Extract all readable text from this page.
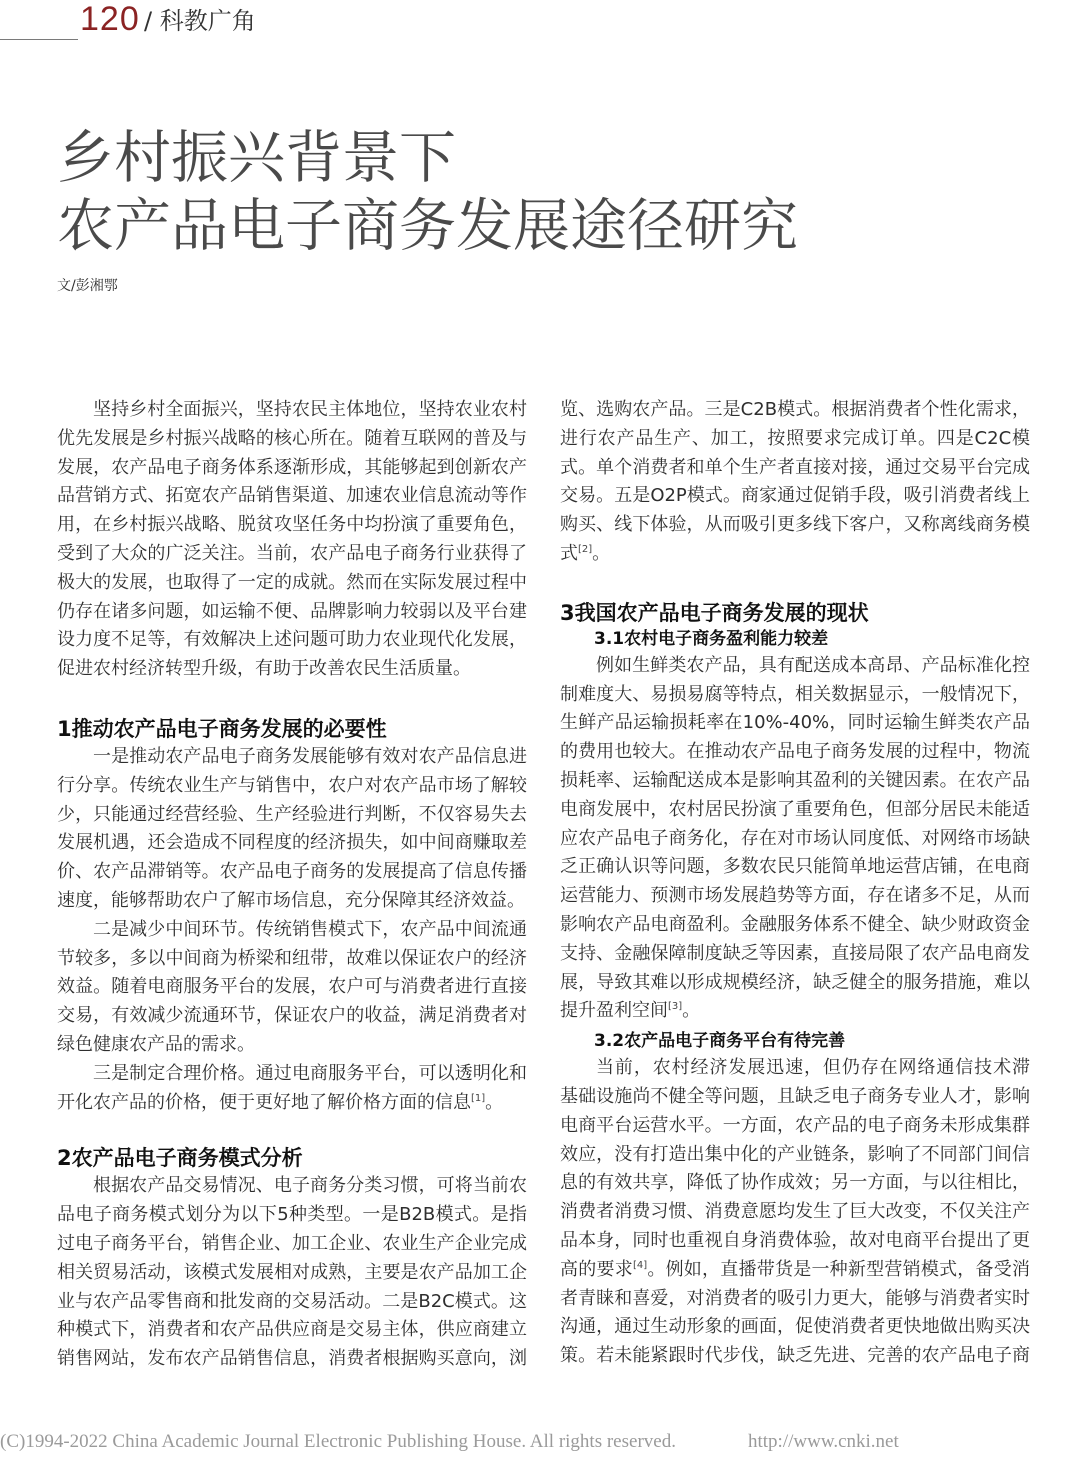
120 / 科教广角
乡村振兴背景下
农产品电子商务发展途径研究
文/彭湘鄂
坚持乡村全面振兴，坚持农民主体地位，坚持农业农村
优先发展是乡村振兴战略的核心所在。随着互联网的普及与
发展，农产品电子商务体系逐渐形成，其能够起到创新农产
品营销方式、拓宽农产品销售渠道、加速农业信息流动等作
用，在乡村振兴战略、脱贫攻坚任务中均扮演了重要角色，
受到了大众的广泛关注。当前，农产品电子商务行业获得了
极大的发展，也取得了一定的成就。然而在实际发展过程中
仍存在诸多问题，如运输不便、品牌影响力较弱以及平台建
设力度不足等，有效解决上述问题可助力农业现代化发展，
促进农村经济转型升级，有助于改善农民生活质量。
1推动农产品电子商务发展的必要性
一是推动农产品电子商务发展能够有效对农产品信息进
行分享。传统农业生产与销售中，农户对农产品市场了解较
少，只能通过经营经验、生产经验进行判断，不仅容易失去
发展机遇，还会造成不同程度的经济损失，如中间商赚取差
价、农产品滞销等。农产品电子商务的发展提高了信息传播
速度，能够帮助农户了解市场信息，充分保障其经济效益。
二是减少中间环节。传统销售模式下，农产品中间流通
节较多，多以中间商为桥梁和纽带，故难以保证农户的经济
效益。随着电商服务平台的发展，农户可与消费者进行直接
交易，有效减少流通环节，保证农户的收益，满足消费者对
绿色健康农产品的需求。
三是制定合理价格。通过电商服务平台，可以透明化和
开化农产品的价格，便于更好地了解价格方面的信息[1]。
2农产品电子商务模式分析
根据农产品交易情况、电子商务分类习惯，可将当前农
品电子商务模式划分为以下5种类型。一是B2B模式。是指
过电子商务平台，销售企业、加工企业、农业生产企业完成
相关贸易活动，该模式发展相对成熟，主要是农产品加工企
业与农产品零售商和批发商的交易活动。二是B2C模式。这
种模式下，消费者和农产品供应商是交易主体，供应商建立
销售网站，发布农产品销售信息，消费者根据购买意向，浏
览、选购农产品。三是C2B模式。根据消费者个性化需求，
进行农产品生产、加工，按照要求完成订单。四是C2C模
式。单个消费者和单个生产者直接对接，通过交易平台完成
交易。五是O2P模式。商家通过促销手段，吸引消费者线上
购买、线下体验，从而吸引更多线下客户，又称离线商务模
式[2]。
3我国农产品电子商务发展的现状
3.1农村电子商务盈利能力较差
例如生鲜类农产品，具有配送成本高昂、产品标准化控
制难度大、易损易腐等特点，相关数据显示，一般情况下，
生鲜产品运输损耗率在10%-40%，同时运输生鲜类农产品
的费用也较大。在推动农产品电子商务发展的过程中，物流
损耗率、运输配送成本是影响其盈利的关键因素。在农产品
电商发展中，农村居民扮演了重要角色，但部分居民未能适
应农产品电子商务化，存在对市场认同度低、对网络市场缺
乏正确认识等问题，多数农民只能简单地运营店铺，在电商
运营能力、预测市场发展趋势等方面，存在诸多不足，从而
影响农产品电商盈利。金融服务体系不健全、缺少财政资金
支持、金融保障制度缺乏等因素，直接局限了农产品电商发
展，导致其难以形成规模经济，缺乏健全的服务措施，难以
提升盈利空间[3]。
3.2农产品电子商务平台有待完善
当前，农村经济发展迅速，但仍存在网络通信技术滞
基础设施尚不健全等问题，且缺乏电子商务专业人才，影响
电商平台运营水平。一方面，农产品的电子商务未形成集群
效应，没有打造出集中化的产业链条，影响了不同部门间信
息的有效共享，降低了协作成效；另一方面，与以往相比，
消费者消费习惯、消费意愿均发生了巨大改变，不仅关注产
品本身，同时也重视自身消费体验，故对电商平台提出了更
高的要求[4]。例如，直播带货是一种新型营销模式，备受消
者青睐和喜爱，对消费者的吸引力更大，能够与消费者实时
沟通，通过生动形象的画面，促使消费者更快地做出购买决
策。若未能紧跟时代步伐，缺乏先进、完善的农产品电子商
(C)1994-2022 China Academic Journal Electronic Publishing House. All rights reserved.	http://www.cnki.net
